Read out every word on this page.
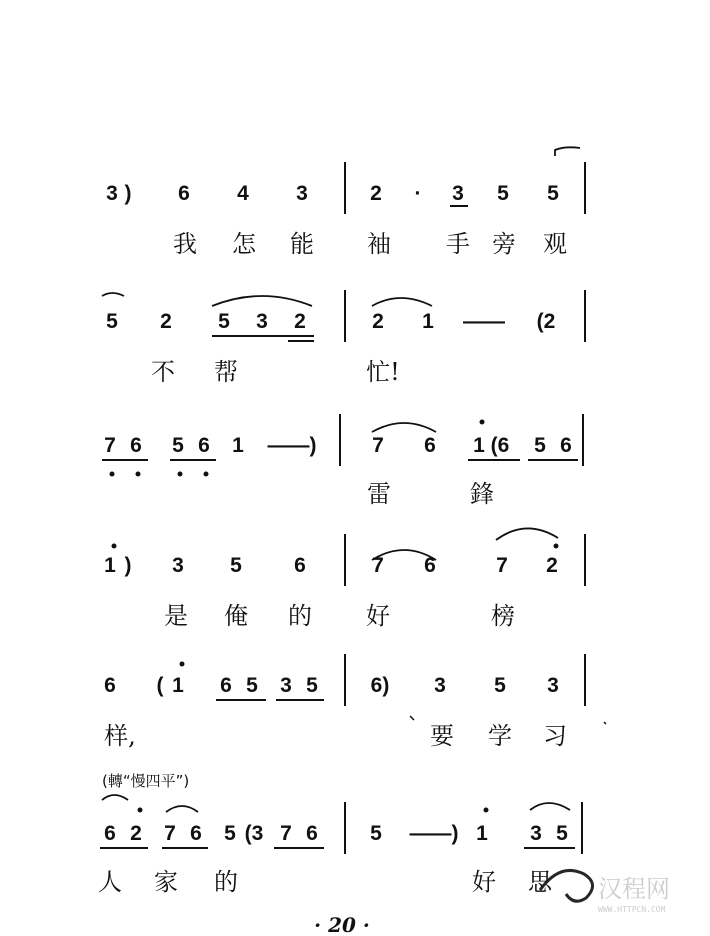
3 ) 6 4 3	2 · 3 5 5
5 2 5 3 2	2 1 —— (2
7 6 5 6 1 ——)	7 6 1 (6 5 6
1 ) 3 5 6	7 6	7 2
6 ( 1 6 5 3 5	6) 3 5 3
6 2 7 6 5 (3 7 6 5 ——) 1 3 5
我 怎 能 袖 手 旁 观
不 帮	忙!
雷	鋒
是 俺 的 好	榜
样,	要 学 习
人 家 的	好 思
(轉“慢四平”)
· 20 ·
汉程网
WWW.HTTPCN.COM
